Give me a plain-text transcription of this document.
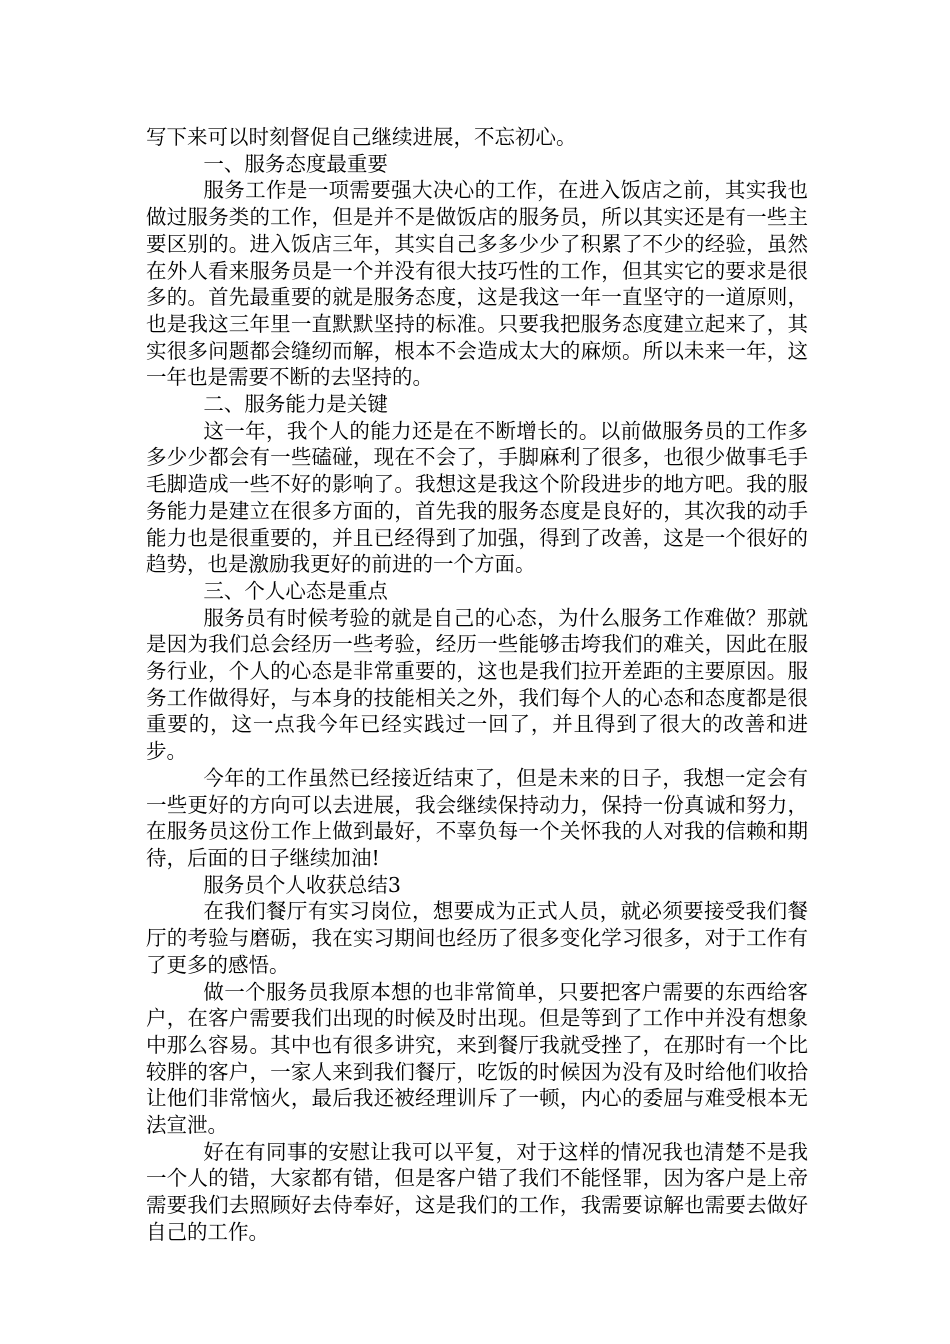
写下来可以时刻督促自己继续进展，不忘初心。

一、服务态度最重要

服务工作是一项需要强大决心的工作，在进入饭店之前，其实我也做过服务类的工作，但是并不是做饭店的服务员，所以其实还是有一些主要区别的。进入饭店三年，其实自己多多少少了积累了不少的经验，虽然在外人看来服务员是一个并没有很大技巧性的工作，但其实它的要求是很多的。首先最重要的就是服务态度，这是我这一年一直坚守的一道原则，也是我这三年里一直默默坚持的标准。只要我把服务态度建立起来了，其实很多问题都会缝纫而解，根本不会造成太大的麻烦。所以未来一年，这一年也是需要不断的去坚持的。

二、服务能力是关键

这一年，我个人的能力还是在不断增长的。以前做服务员的工作多多少少都会有一些磕碰，现在不会了，手脚麻利了很多，也很少做事毛手毛脚造成一些不好的影响了。我想这是我这个阶段进步的地方吧。我的服务能力是建立在很多方面的，首先我的服务态度是良好的，其次我的动手能力也是很重要的，并且已经得到了加强，得到了改善，这是一个很好的趋势，也是激励我更好的前进的一个方面。

三、个人心态是重点

服务员有时候考验的就是自己的心态，为什么服务工作难做？那就是因为我们总会经历一些考验，经历一些能够击垮我们的难关，因此在服务行业，个人的心态是非常重要的，这也是我们拉开差距的主要原因。服务工作做得好，与本身的技能相关之外，我们每个人的心态和态度都是很重要的，这一点我今年已经实践过一回了，并且得到了很大的改善和进步。

今年的工作虽然已经接近结束了，但是未来的日子，我想一定会有一些更好的方向可以去进展，我会继续保持动力，保持一份真诚和努力，在服务员这份工作上做到最好，不辜负每一个关怀我的人对我的信赖和期待，后面的日子继续加油!

服务员个人收获总结3

在我们餐厅有实习岗位，想要成为正式人员，就必须要接受我们餐厅的考验与磨砺，我在实习期间也经历了很多变化学习很多，对于工作有了更多的感悟。

做一个服务员我原本想的也非常简单，只要把客户需要的东西给客户，在客户需要我们出现的时候及时出现。但是等到了工作中并没有想象中那么容易。其中也有很多讲究，来到餐厅我就受挫了，在那时有一个比较胖的客户，一家人来到我们餐厅，吃饭的时候因为没有及时给他们收拾让他们非常恼火，最后我还被经理训斥了一顿，内心的委屈与难受根本无法宣泄。

好在有同事的安慰让我可以平复，对于这样的情况我也清楚不是我一个人的错，大家都有错，但是客户错了我们不能怪罪，因为客户是上帝需要我们去照顾好去侍奉好，这是我们的工作，我需要谅解也需要去做好自己的工作。
